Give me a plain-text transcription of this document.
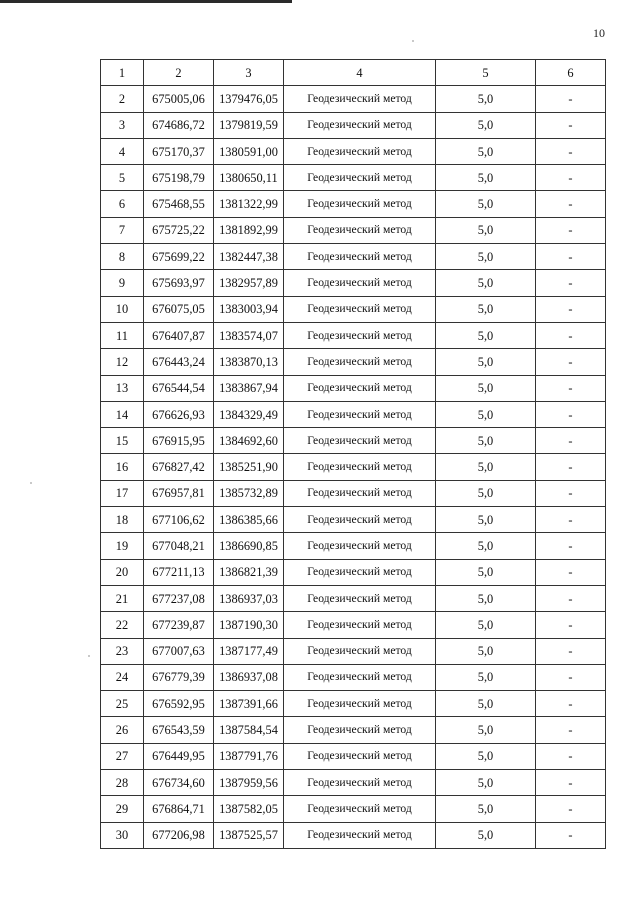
10
1	2	3	4	5	6
2	675005,06	1379476,05	Геодезический метод	5,0	-
3	674686,72	1379819,59	Геодезический метод	5,0	-
4	675170,37	1380591,00	Геодезический метод	5,0	-
5	675198,79	1380650,11	Геодезический метод	5,0	-
6	675468,55	1381322,99	Геодезический метод	5,0	-
7	675725,22	1381892,99	Геодезический метод	5,0	-
8	675699,22	1382447,38	Геодезический метод	5,0	-
9	675693,97	1382957,89	Геодезический метод	5,0	-
10	676075,05	1383003,94	Геодезический метод	5,0	-
11	676407,87	1383574,07	Геодезический метод	5,0	-
12	676443,24	1383870,13	Геодезический метод	5,0	-
13	676544,54	1383867,94	Геодезический метод	5,0	-
14	676626,93	1384329,49	Геодезический метод	5,0	-
15	676915,95	1384692,60	Геодезический метод	5,0	-
16	676827,42	1385251,90	Геодезический метод	5,0	-
17	676957,81	1385732,89	Геодезический метод	5,0	-
18	677106,62	1386385,66	Геодезический метод	5,0	-
19	677048,21	1386690,85	Геодезический метод	5,0	-
20	677211,13	1386821,39	Геодезический метод	5,0	-
21	677237,08	1386937,03	Геодезический метод	5,0	-
22	677239,87	1387190,30	Геодезический метод	5,0	-
23	677007,63	1387177,49	Геодезический метод	5,0	-
24	676779,39	1386937,08	Геодезический метод	5,0	-
25	676592,95	1387391,66	Геодезический метод	5,0	-
26	676543,59	1387584,54	Геодезический метод	5,0	-
27	676449,95	1387791,76	Геодезический метод	5,0	-
28	676734,60	1387959,56	Геодезический метод	5,0	-
29	676864,71	1387582,05	Геодезический метод	5,0	-
30	677206,98	1387525,57	Геодезический метод	5,0	-
